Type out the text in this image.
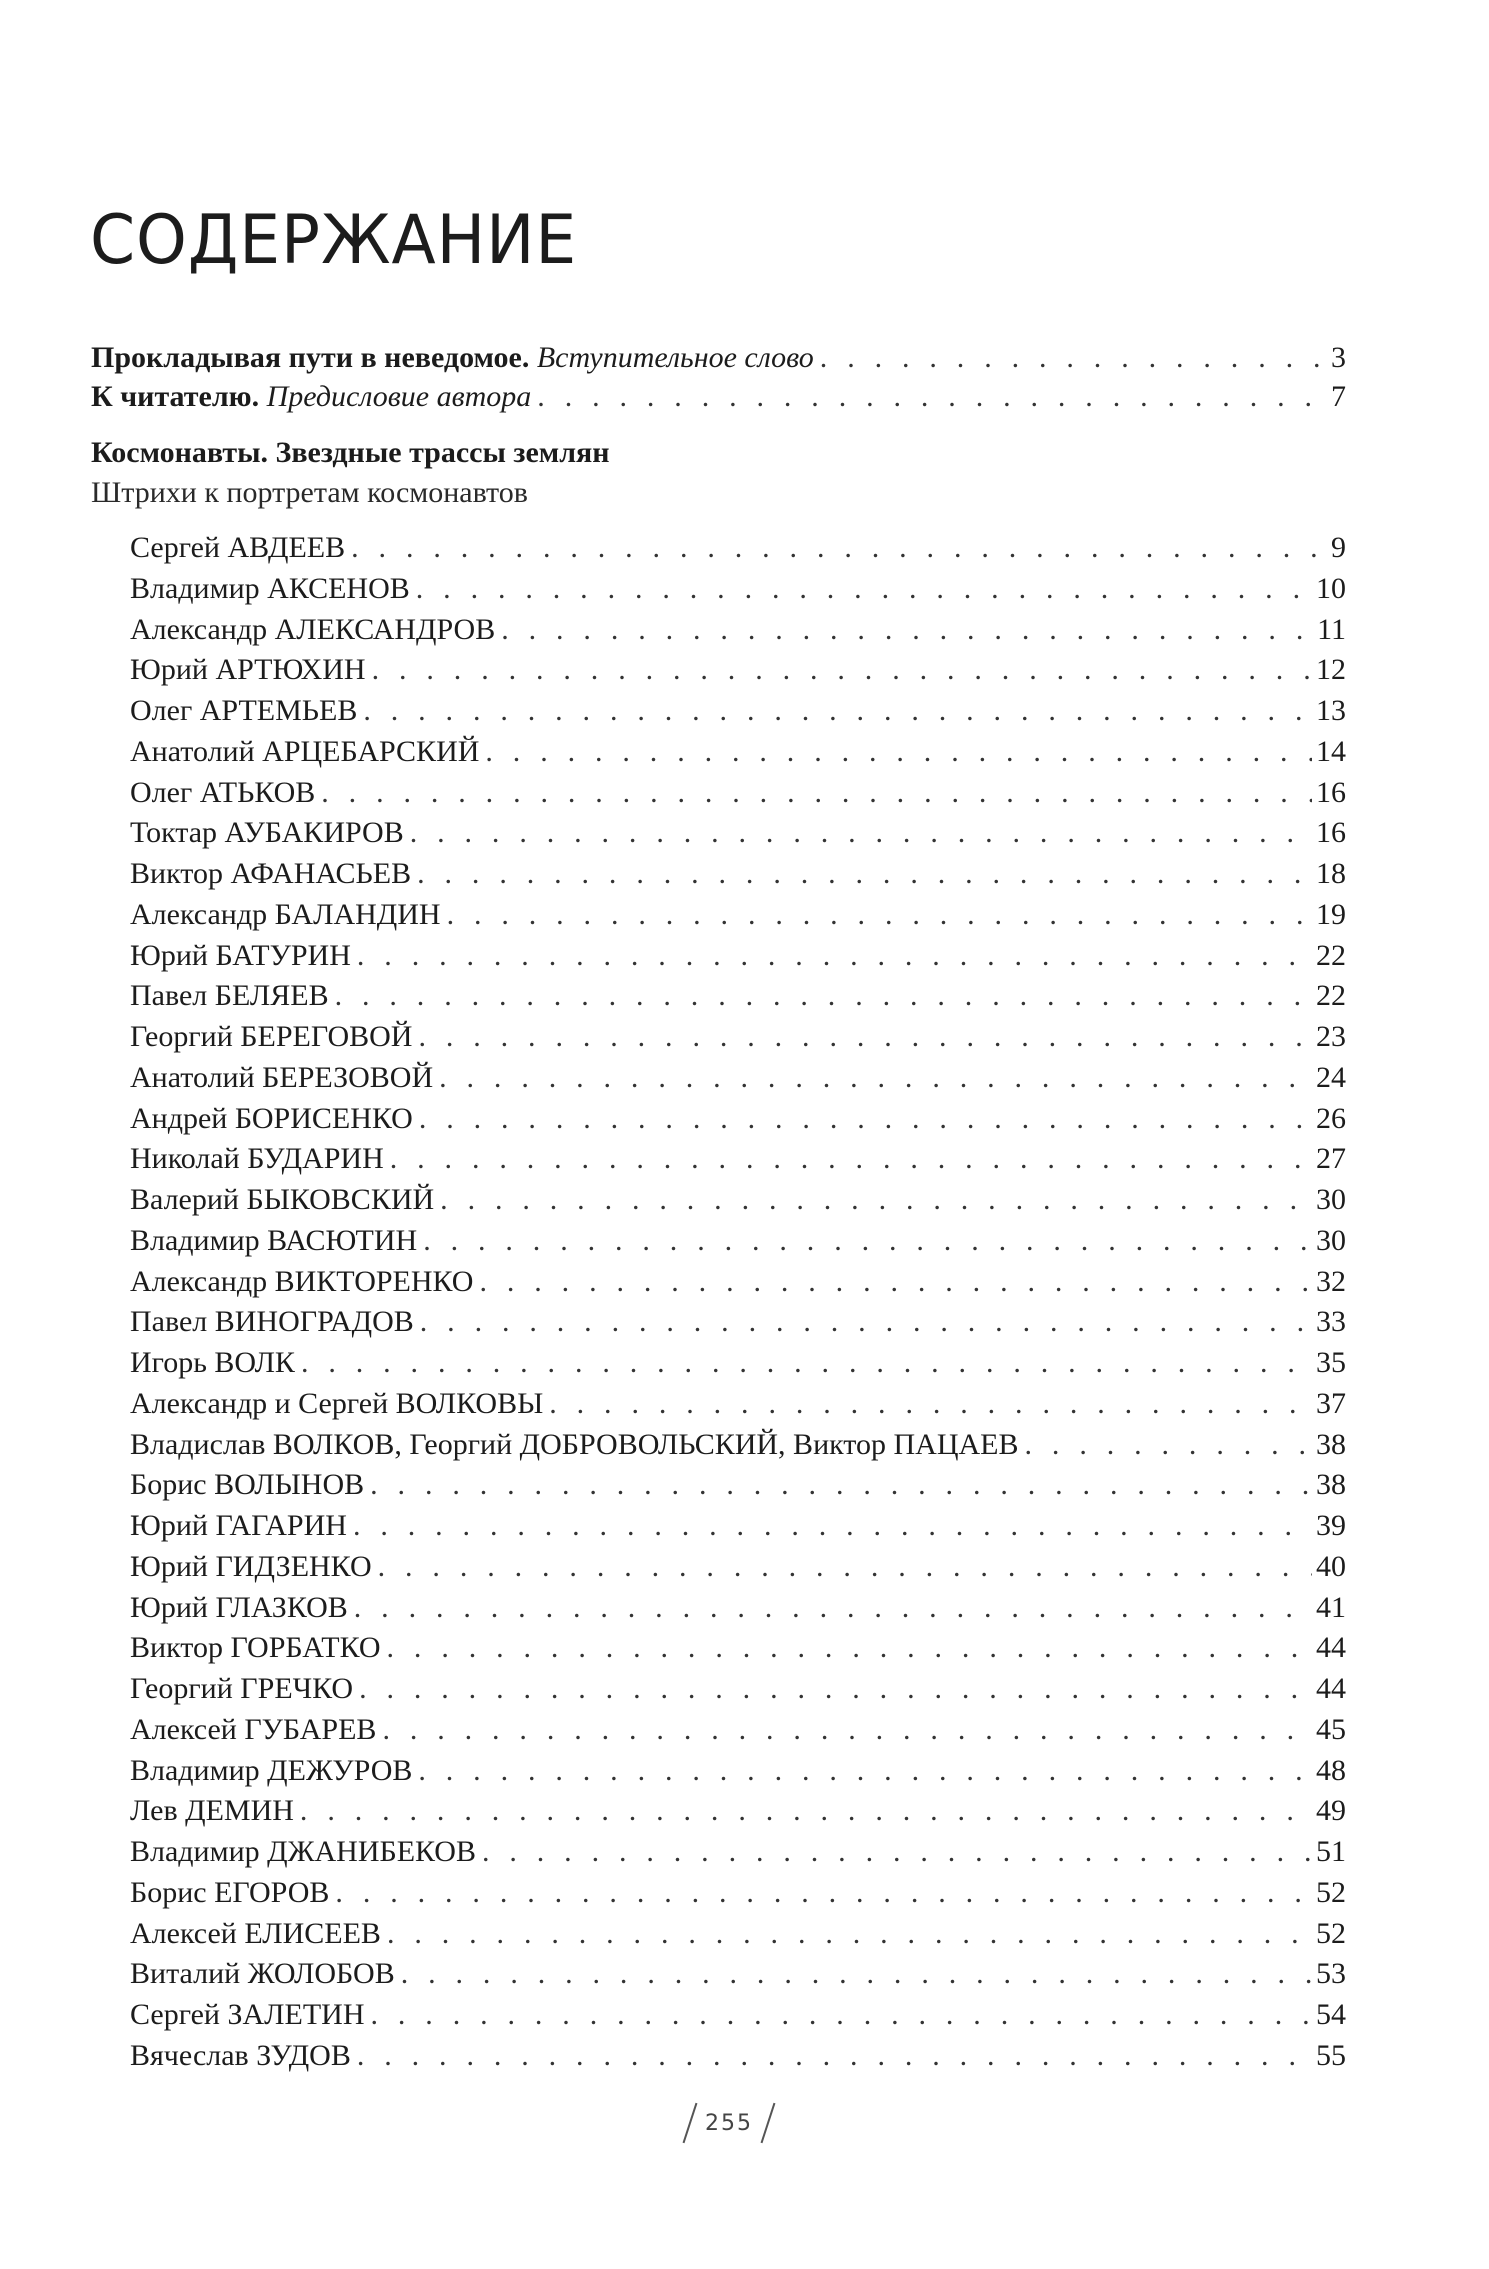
СОДЕРЖАНИЕ
Прокладывая пути в неведомое. Вступительное слово . . .	3
К читателю. Предисловие автора . . .	7
Космонавты. Звездные трассы землян
Штрихи к портретам космонавтов
Сергей АВДЕЕВ . . .	9
Владимир АКСЕНОВ . . .	10
Александр АЛЕКСАНДРОВ . . .	11
Юрий АРТЮХИН . . .	12
Олег АРТЕМЬЕВ . . .	13
Анатолий АРЦЕБАРСКИЙ . . .	14
Олег АТЬКОВ . . .	16
Токтар АУБАКИРОВ . . .	16
Виктор АФАНАСЬЕВ . . .	18
Александр БАЛАНДИН . . .	19
Юрий БАТУРИН . . .	22
Павел БЕЛЯЕВ . . .	22
Георгий БЕРЕГОВОЙ . . .	23
Анатолий БЕРЕЗОВОЙ . . .	24
Андрей БОРИСЕНКО . . .	26
Николай БУДАРИН . . .	27
Валерий БЫКОВСКИЙ . . .	30
Владимир ВАСЮТИН . . .	30
Александр ВИКТОРЕНКО . . .	32
Павел ВИНОГРАДОВ . . .	33
Игорь ВОЛК . . .	35
Александр и Сергей ВОЛКОВЫ . . .	37
Владислав ВОЛКОВ, Георгий ДОБРОВОЛЬСКИЙ, Виктор ПАЦАЕВ . . .	38
Борис ВОЛЫНОВ . . .	38
Юрий ГАГАРИН . . .	39
Юрий ГИДЗЕНКО . . .	40
Юрий ГЛАЗКОВ . . .	41
Виктор ГОРБАТКО . . .	44
Георгий ГРЕЧКО . . .	44
Алексей ГУБАРЕВ . . .	45
Владимир ДЕЖУРОВ . . .	48
Лев ДЕМИН . . .	49
Владимир ДЖАНИБЕКОВ . . .	51
Борис ЕГОРОВ . . .	52
Алексей ЕЛИСЕЕВ . . .	52
Виталий ЖОЛОБОВ . . .	53
Сергей ЗАЛЕТИН . . .	54
Вячеслав ЗУДОВ . . .	55
255
